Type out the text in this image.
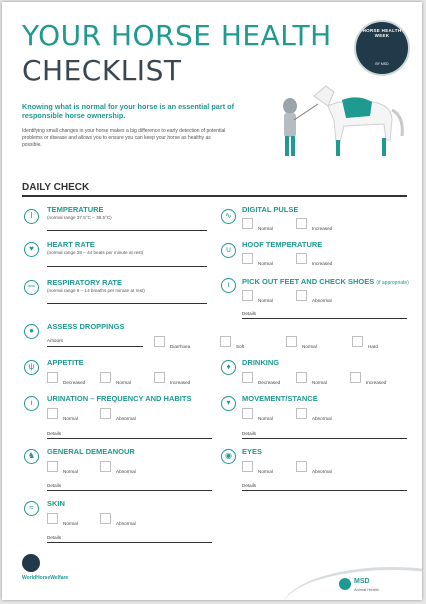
YOUR HORSE HEALTH
CHECKLIST
HORSE HEALTH WEEK
BY MSD
Knowing what is normal for your horse is an essential part of responsible horse ownership.
Identifying small changes in your horse makes a big difference to early detection of potential problems or disease and allows you to ensure you can keep your horse as healthy as possible.
DAILY CHECK
l
TEMPERATURE
(normal range 37.5°C – 38.5°C)
♥	HEART RATE
(normal range 28 – 44 beats per minute at rest)
ꟷ	RESPIRATORY RATE
(normal range 8 – 14 breaths per minute at rest)
∿
DIGITAL PULSE
Normal	Increased
∪
HOOF TEMPERATURE
Normal	Increased
ɩ	PICK OUT FEET AND CHECK SHOES (if appropriate)
Normal	Abnormal
Details
●	ASSESS DROPPINGS
Amount
Diarrhoea	Soft	Normal	Hard
ψ	APPETITE
Decreased	Normal	Increased
♦	DRINKING
Decreased	Normal	Increased
ı	URINATION – FREQUENCY AND HABITS
Normal	Abnormal
Details
▾	MOVEMENT/STANCE
Normal	Abnormal
Details
♞	GENERAL DEMEANOUR
Normal	Abnormal
Details
◉	EYES
Normal	Abnormal
Details
≈	SKIN
Normal	Abnormal
Details
WorldHorseWelfare	MSD
Animal Health
